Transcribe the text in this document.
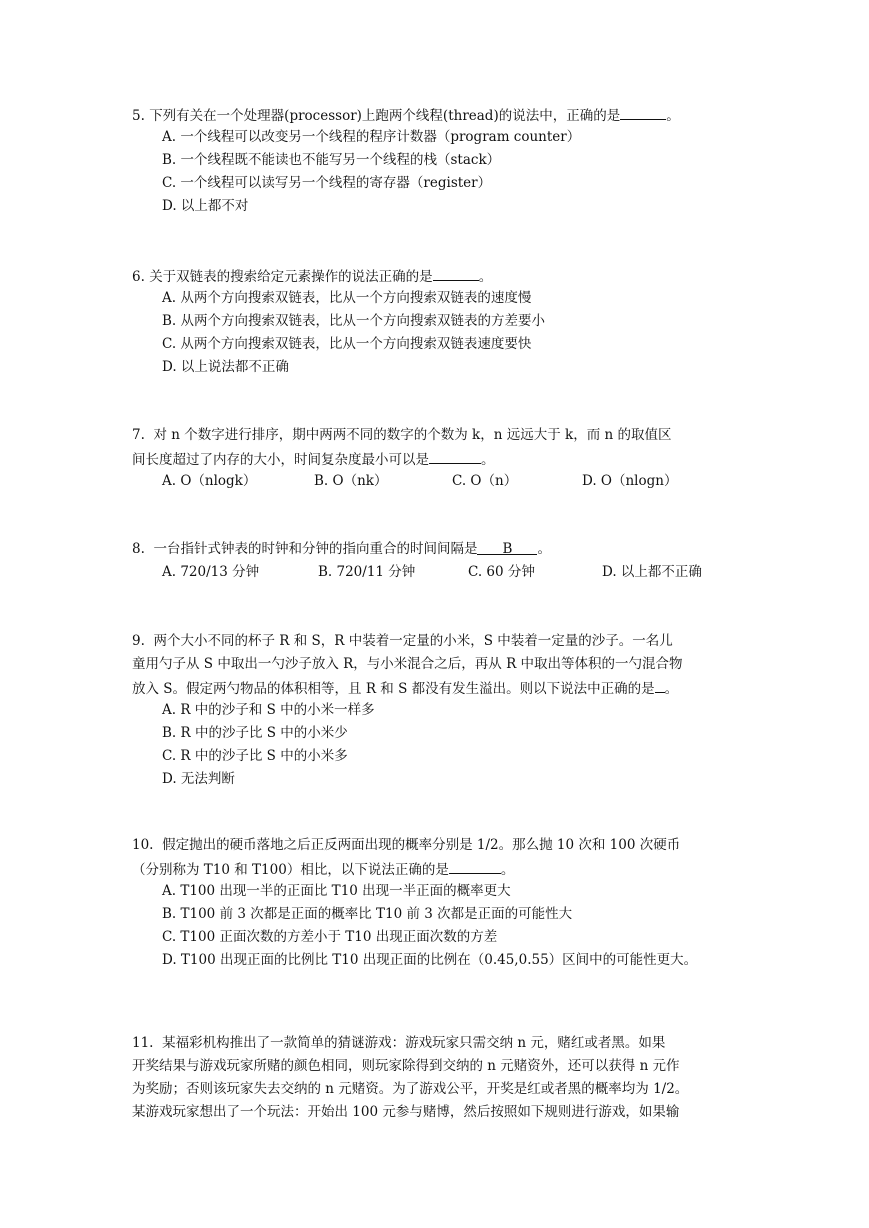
5. 下列有关在一个处理器(processor)上跑两个线程(thread)的说法中，正确的是	。
A. 一个线程可以改变另一个线程的程序计数器（program counter）
B. 一个线程既不能读也不能写另一个线程的栈（stack）
C. 一个线程可以读写另一个线程的寄存器（register）
D. 以上都不对
6. 关于双链表的搜索给定元素操作的说法正确的是	。
A. 从两个方向搜索双链表，比从一个方向搜索双链表的速度慢
B. 从两个方向搜索双链表，比从一个方向搜索双链表的方差要小
C. 从两个方向搜索双链表，比从一个方向搜索双链表速度要快
D. 以上说法都不正确
7. 对 n 个数字进行排序，期中两两不同的数字的个数为 k，n 远远大于 k，而 n 的取值区
间长度超过了内存的大小，时间复杂度最小可以是	。
A. O（nlogk）	B. O（nk）	C. O（n）	D. O（nlogn）
8. 一台指针式钟表的时钟和分钟的指向重合的时间间隔是 B 。
A. 720/13 分钟	B. 720/11 分钟	C. 60 分钟	D. 以上都不正确
9. 两个大小不同的杯子 R 和 S，R 中装着一定量的小米，S 中装着一定量的沙子。一名儿
童用勺子从 S 中取出一勺沙子放入 R，与小米混合之后，再从 R 中取出等体积的一勺混合物
放入 S。假定两勺物品的体积相等，且 R 和 S 都没有发生溢出。则以下说法中正确的是 。
A. R 中的沙子和 S 中的小米一样多
B. R 中的沙子比 S 中的小米少
C. R 中的沙子比 S 中的小米多
D. 无法判断
10. 假定抛出的硬币落地之后正反两面出现的概率分别是 1/2。那么抛 10 次和 100 次硬币
（分别称为 T10 和 T100）相比，以下说法正确的是	。
A. T100 出现一半的正面比 T10 出现一半正面的概率更大
B. T100 前 3 次都是正面的概率比 T10 前 3 次都是正面的可能性大
C. T100 正面次数的方差小于 T10 出现正面次数的方差
D. T100 出现正面的比例比 T10 出现正面的比例在（0.45,0.55）区间中的可能性更大。
11. 某福彩机构推出了一款简单的猜谜游戏：游戏玩家只需交纳 n 元，赌红或者黑。如果
开奖结果与游戏玩家所赌的颜色相同，则玩家除得到交纳的 n 元赌资外，还可以获得 n 元作
为奖励；否则该玩家失去交纳的 n 元赌资。为了游戏公平，开奖是红或者黑的概率均为 1/2。
某游戏玩家想出了一个玩法：开始出 100 元参与赌博，然后按照如下规则进行游戏，如果输
